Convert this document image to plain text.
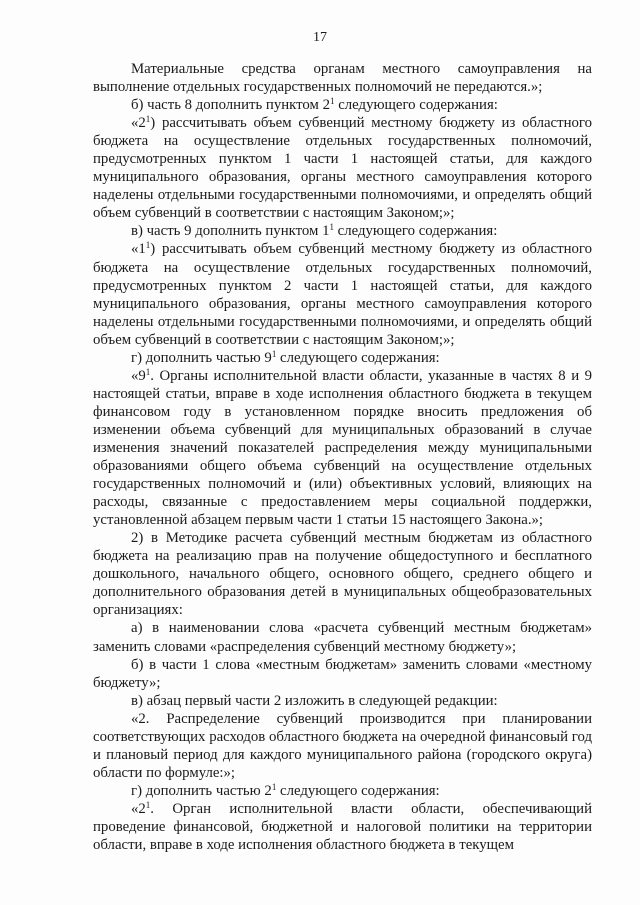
17

Материальные средства органам местного самоуправления на выполнение отдельных государственных полномочий не передаются.»;

б) часть 8 дополнить пунктом $2^1$ следующего содержания:

«$2^1$) рассчитывать объем субвенций местному бюджету из областного бюджета на осуществление отдельных государственных полномочий, предусмотренных пунктом 1 части 1 настоящей статьи, для каждого муниципального образования, органы местного самоуправления которого наделены отдельными государственными полномочиями, и определять общий объем субвенций в соответствии с настоящим Законом;»;

в) часть 9 дополнить пунктом $1^1$ следующего содержания:

«$1^1$) рассчитывать объем субвенций местному бюджету из областного бюджета на осуществление отдельных государственных полномочий, предусмотренных пунктом 2 части 1 настоящей статьи, для каждого муниципального образования, органы местного самоуправления которого наделены отдельными государственными полномочиями, и определять общий объем субвенций в соответствии с настоящим Законом;»;

г) дополнить частью $9^1$ следующего содержания:

«$9^1$. Органы исполнительной власти области, указанные в частях 8 и 9 настоящей статьи, вправе в ходе исполнения областного бюджета в текущем финансовом году в установленном порядке вносить предложения об изменении объема субвенций для муниципальных образований в случае изменения значений показателей распределения между муниципальными образованиями общего объема субвенций на осуществление отдельных государственных полномочий и (или) объективных условий, влияющих на расходы, связанные с предоставлением меры социальной поддержки, установленной абзацем первым части 1 статьи 15 настоящего Закона.»;

2) в Методике расчета субвенций местным бюджетам из областного бюджета на реализацию прав на получение общедоступного и бесплатного дошкольного, начального общего, основного общего, среднего общего и дополнительного образования детей в муниципальных общеобразовательных организациях:

а) в наименовании слова «расчета субвенций местным бюджетам» заменить словами «распределения субвенций местному бюджету»;

б) в части 1 слова «местным бюджетам» заменить словами «местному бюджету»;

в) абзац первый части 2 изложить в следующей редакции:

«2. Распределение субвенций производится при планировании соответствующих расходов областного бюджета на очередной финансовый год и плановый период для каждого муниципального района (городского округа) области по формуле:»;

г) дополнить частью $2^1$ следующего содержания:

«$2^1$. Орган исполнительной власти области, обеспечивающий проведение финансовой, бюджетной и налоговой политики на территории области, вправе в ходе исполнения областного бюджета в текущем
